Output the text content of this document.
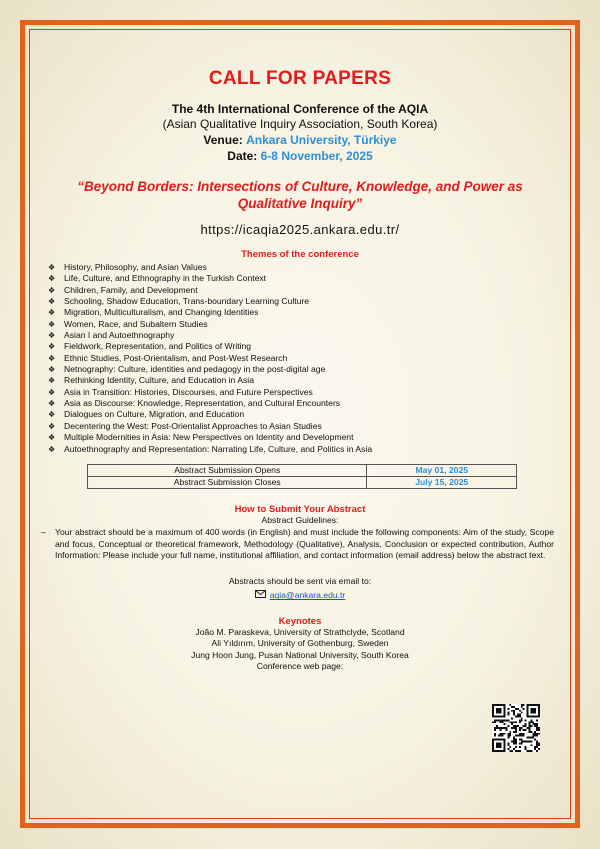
CALL FOR PAPERS
The 4th International Conference of the AQIA
(Asian Qualitative Inquiry Association, South Korea)
Venue: Ankara University, Türkiye
Date: 6-8 November, 2025
“Beyond Borders: Intersections of Culture, Knowledge, and Power as
Qualitative Inquiry”
https://icaqia2025.ankara.edu.tr/
Themes of the conference
❖	History, Philosophy, and Asian Values
❖	Life, Culture, and Ethnography in the Turkish Context
❖	Children, Family, and Development
❖	Schooling, Shadow Education, Trans-boundary Learning Culture
❖	Migration, Multiculturalism, and Changing Identities
❖	Women, Race, and Subaltern Studies
❖	Asian I and Autoethnography
❖	Fieldwork, Representation, and Politics of Writing
❖	Ethnic Studies, Post-Orientalism, and Post-West Research
❖	Netnography: Culture, identities and pedagogy in the post-digital age
❖	Rethinking Identity, Culture, and Education in Asia
❖	Asia in Transition: Histories, Discourses, and Future Perspectives
❖	Asia as Discourse: Knowledge, Representation, and Cultural Encounters
❖	Dialogues on Culture, Migration, and Education
❖	Decentering the West: Post-Orientalist Approaches to Asian Studies
❖	Multiple Modernities in Asia: New Perspectives on Identity and Development
❖	Autoethnography and Representation: Narrating Life, Culture, and Politics in Asia
Abstract Submission Opens	May 01, 2025
Abstract Submission Closes	July 15, 2025
How to Submit Your Abstract
Abstract Guidelines:
–	Your abstract should be a maximum of 400 words (in English) and must include the following components: Aim of the study, Scope and focus, Conceptual or theoretical framework, Methodology (Qualitative), Analysis, Conclusion or expected contribution, Author Information: Please include your full name, institutional affiliation, and contact information (email address) below the abstract text.
Abstracts should be sent via email to:
aqia@ankara.edu.tr
Keynotes
João M. Paraskeva, University of Strathclyde, Scotland
Ali Yıldırım, University of Gothenburg, Sweden
Jung Hoon Jung, Pusan National University, South Korea
Conference web page:
